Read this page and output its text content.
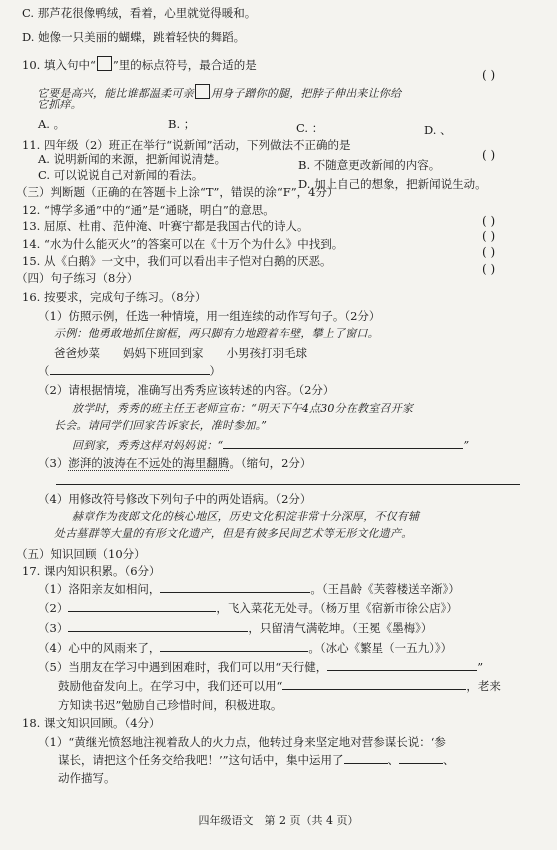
C. 那芦花很像鸭绒，看着，心里就觉得暖和。
D. 她像一只美丽的蝴蝶，跳着轻快的舞蹈。
10. 填入句中“ ”里的标点符号，最合适的是
( )
它要是高兴，能比谁都温柔可亲 用身子蹭你的腿，把脖子伸出来让你给
它抓痒。
A. 。	B. ；	C. ：	D. 、
11. 四年级（2）班正在举行“说新闻”活动，下列做法不正确的是
( )
A. 说明新闻的来源，把新闻说清楚。	B. 不随意更改新闻的内容。
C. 可以说说自己对新闻的看法。
D. 加上自己的想象，把新闻说生动。
（三）判断题（正确的在答题卡上涂“T”，错误的涂“F”，4分）
12. “博学多通”中的“通”是“通晓，明白”的意思。
( )
13. 屈原、杜甫、范仲淹、叶赛宁都是我国古代的诗人。
( )
14. “水为什么能灭火”的答案可以在《十万个为什么》中找到。
( )
15. 从《白鹅》一文中，我们可以看出丰子恺对白鹅的厌恶。
( )
（四）句子练习（8分）
16. 按要求，完成句子练习。（8分）
（1）仿照示例，任选一种情境，用一组连续的动作写句子。（2分）
示例：他勇敢地抓住窗框，两只脚有力地蹬着车壁，攀上了窗口。
爸爸炒菜　　妈妈下班回到家　　小男孩打羽毛球
（	）
（2）请根据情境，准确写出秀秀应该转述的内容。（2分）
放学时，秀秀的班主任王老师宣布：“明天下午4点30分在教室召开家
长会。请同学们回家告诉家长，准时参加。”
回到家，秀秀这样对妈妈说：“	”
（3）澎湃的波涛在不远处的海里翻腾。（缩句，2分）
（4）用修改符号修改下列句子中的两处语病。（2分）
赫章作为夜郎文化的核心地区，历史文化积淀非常十分深厚，不仅有辅
处古墓群等大量的有形文化遗产，但是有彼多民间艺术等无形文化遗产。
（五）知识回顾（10分）
17. 课内知识积累。（6分）
（1）洛阳亲友如相问，	。（王昌龄《芙蓉楼送辛渐》）
（2）	，飞入菜花无处寻。（杨万里《宿新市徐公店》）
（3）	，只留清气满乾坤。（王冕《墨梅》）
（4）心中的风雨来了，	。（冰心《繁星（一五九）》）
（5）当朋友在学习中遇到困难时，我们可以用“天行健，	”
鼓励他奋发向上。在学习中，我们还可以用“	，老来
方知读书迟”勉励自己珍惜时间，积极进取。
18. 课文知识回顾。（4分）
（1）“黄继光愤怒地注视着敌人的火力点，他转过身来坚定地对营参谋长说：‘参
谋长，请把这个任务交给我吧！’”这句话中，集中运用了	、	、
动作描写。
四年级语文　第 2 页（共 4 页）
